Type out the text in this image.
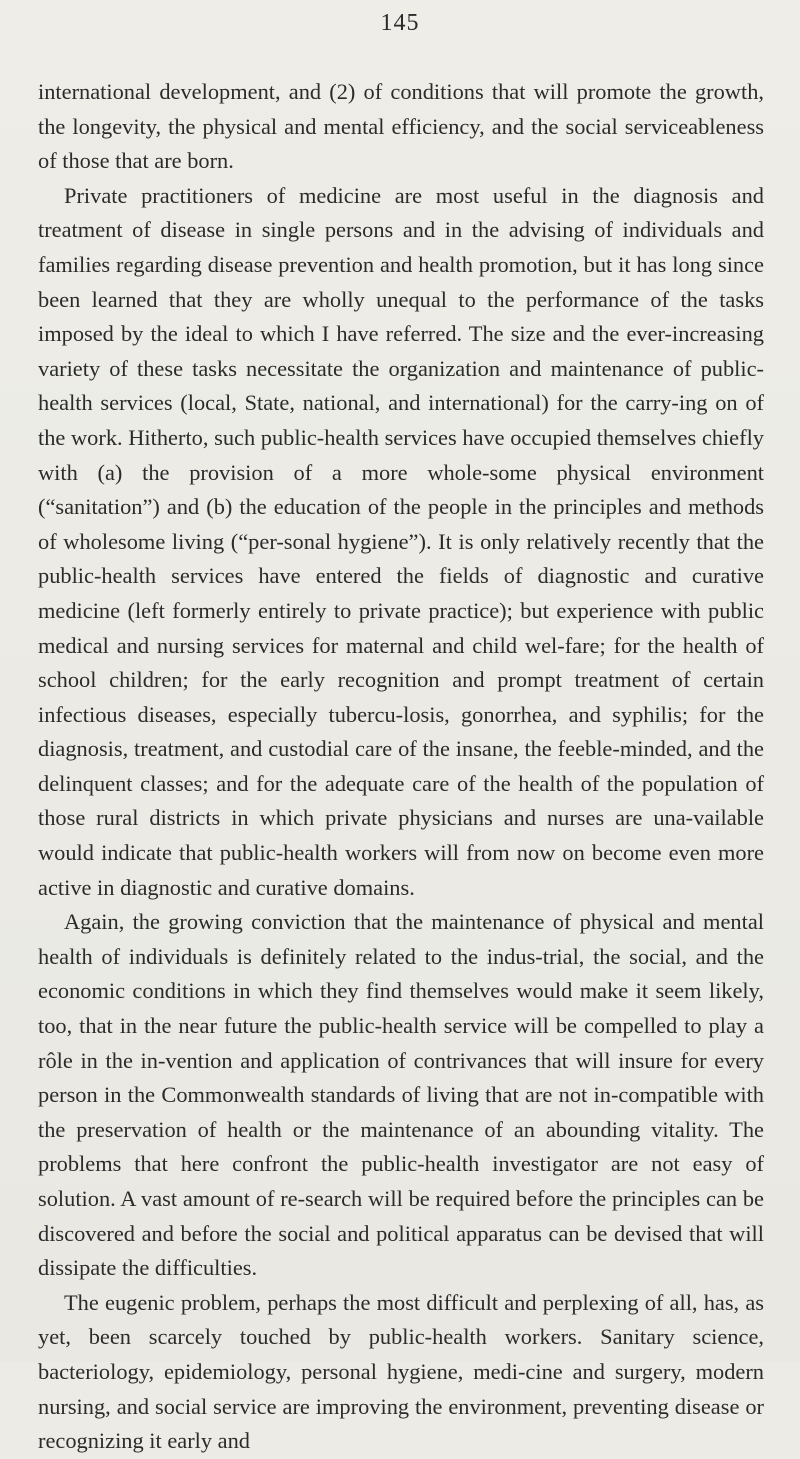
145

international development, and (2) of conditions that will promote the growth, the longevity, the physical and mental efficiency, and the social serviceableness of those that are born.

Private practitioners of medicine are most useful in the diagnosis and treatment of disease in single persons and in the advising of individuals and families regarding disease prevention and health promotion, but it has long since been learned that they are wholly unequal to the performance of the tasks imposed by the ideal to which I have referred. The size and the ever-increasing variety of these tasks necessitate the organization and maintenance of public-health services (local, State, national, and international) for the carry-ing on of the work. Hitherto, such public-health services have occupied themselves chiefly with (a) the provision of a more whole-some physical environment (“sanitation”) and (b) the education of the people in the principles and methods of wholesome living (“per-sonal hygiene”). It is only relatively recently that the public-health services have entered the fields of diagnostic and curative medicine (left formerly entirely to private practice); but experience with public medical and nursing services for maternal and child wel-fare; for the health of school children; for the early recognition and prompt treatment of certain infectious diseases, especially tubercu-losis, gonorrhea, and syphilis; for the diagnosis, treatment, and custodial care of the insane, the feeble-minded, and the delinquent classes; and for the adequate care of the health of the population of those rural districts in which private physicians and nurses are una-vailable would indicate that public-health workers will from now on become even more active in diagnostic and curative domains.

Again, the growing conviction that the maintenance of physical and mental health of individuals is definitely related to the indus-trial, the social, and the economic conditions in which they find themselves would make it seem likely, too, that in the near future the public-health service will be compelled to play a rôle in the in-vention and application of contrivances that will insure for every person in the Commonwealth standards of living that are not in-compatible with the preservation of health or the maintenance of an abounding vitality. The problems that here confront the public-health investigator are not easy of solution. A vast amount of re-search will be required before the principles can be discovered and before the social and political apparatus can be devised that will dissipate the difficulties.

The eugenic problem, perhaps the most difficult and perplexing of all, has, as yet, been scarcely touched by public-health workers. Sanitary science, bacteriology, epidemiology, personal hygiene, medi-cine and surgery, modern nursing, and social service are improving the environment, preventing disease or recognizing it early and
